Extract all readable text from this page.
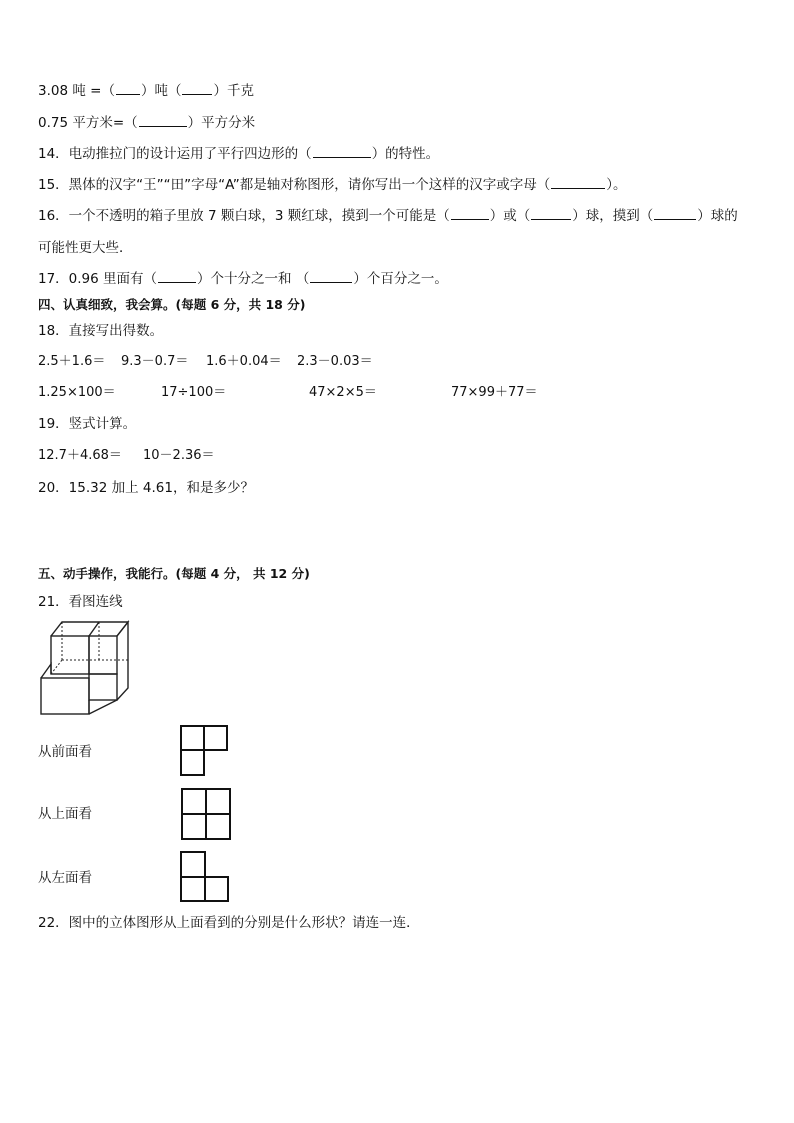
3.08 吨 =（ ）吨（ ）千克
0.75 平方米=（	）平方分米
14．电动推拉门的设计运用了平行四边形的（	）的特性。
15．黑体的汉字“王”“田”字母“A”都是轴对称图形，请你写出一个这样的汉字或字母（	）。
16．一个不透明的箱子里放 7 颗白球，3 颗红球，摸到一个可能是（	）或（	）球，摸到（	）球的
可能性更大些．
17．0.96 里面有（	）个十分之一和 （	）个百分之一。
四、认真细致，我会算。(每题 6 分，共 18 分)
18．直接写出得数。
2.5＋1.6＝ 9.3－0.7＝ 1.6＋0.04＝ 2.3－0.03＝
1.25×100＝	17÷100＝	47×2×5＝	77×99＋77＝
19．竖式计算。
12.7＋4.68＝ 10－2.36＝
20．15.32 加上 4.61，和是多少？
五、动手操作，我能行。(每题 4 分， 共 12 分)
21．看图连线
从前面看
从上面看
从左面看
22．图中的立体图形从上面看到的分别是什么形状？请连一连．
